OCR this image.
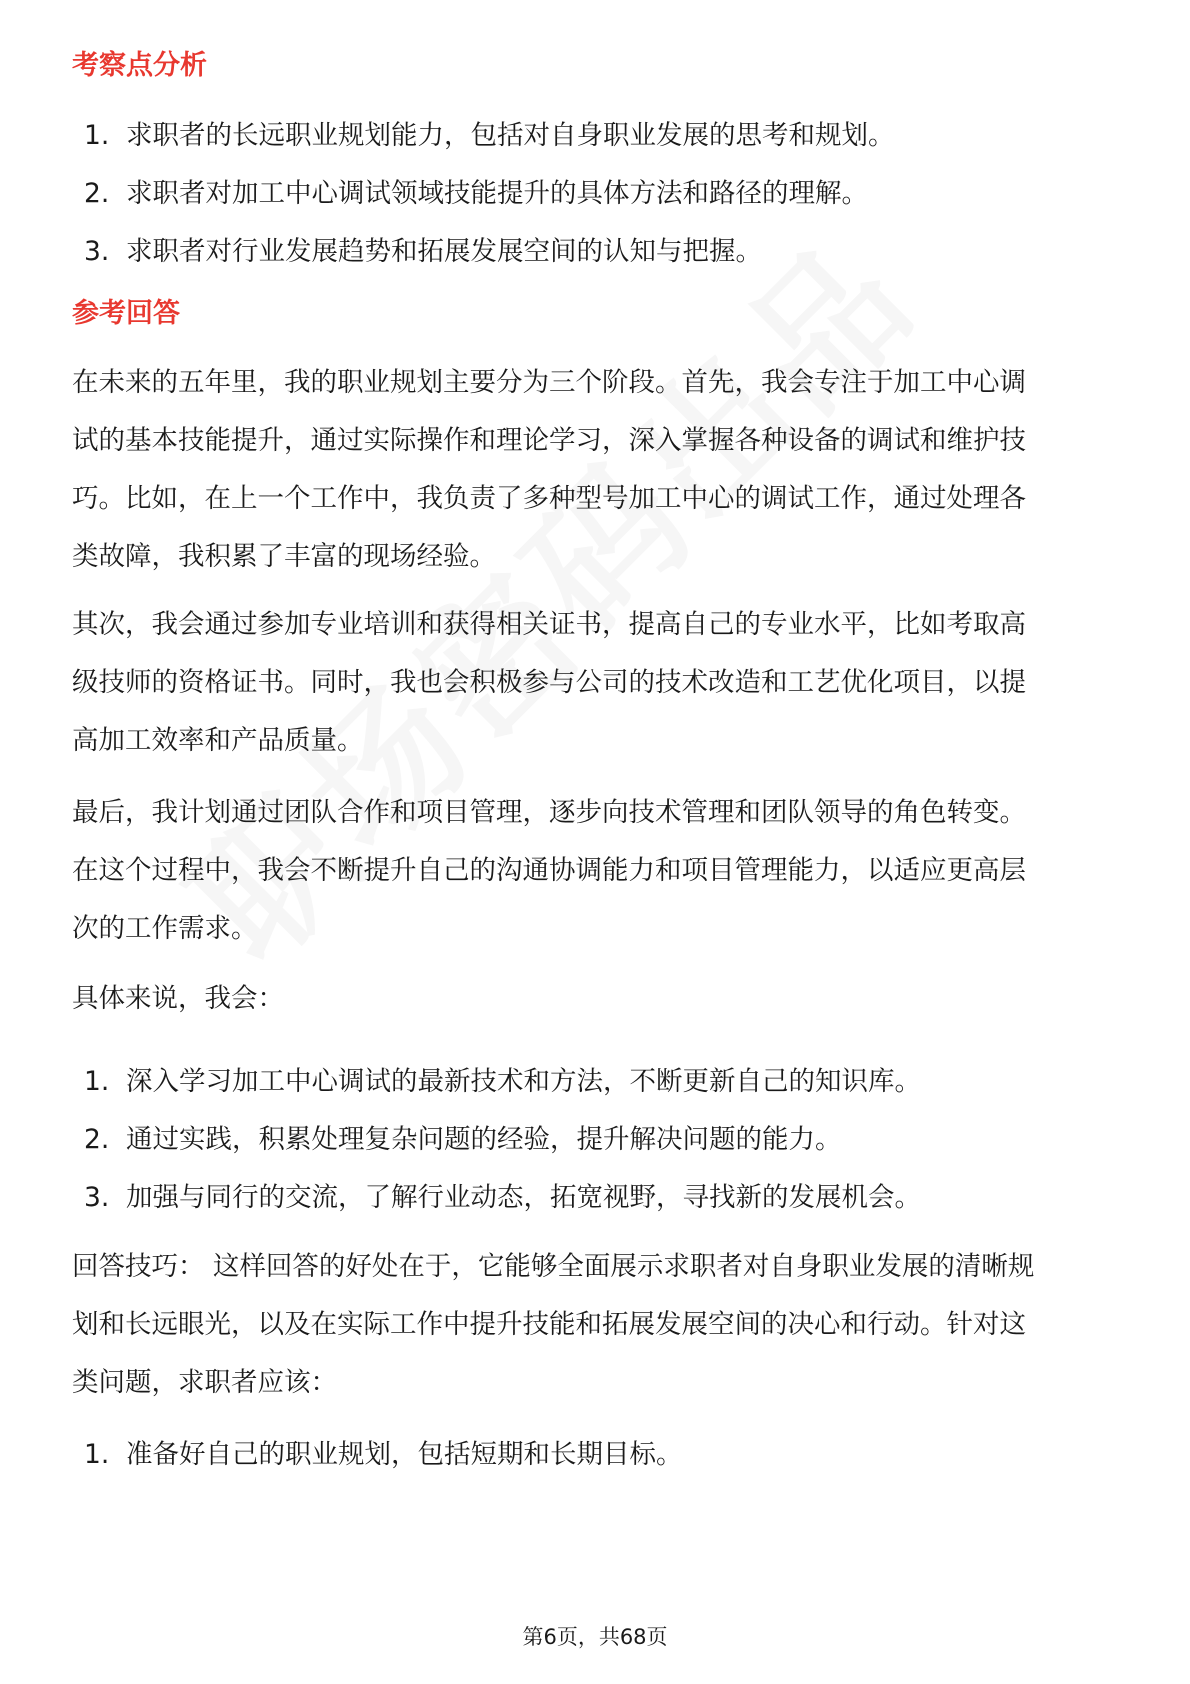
考察点分析
1. 求职者的长远职业规划能力，包括对自身职业发展的思考和规划。
2. 求职者对加工中心调试领域技能提升的具体方法和路径的理解。
3. 求职者对行业发展趋势和拓展发展空间的认知与把握。
参考回答
在未来的五年里，我的职业规划主要分为三个阶段。首先，我会专注于加工中心调
试的基本技能提升，通过实际操作和理论学习，深入掌握各种设备的调试和维护技
巧。比如，在上一个工作中，我负责了多种型号加工中心的调试工作，通过处理各
类故障，我积累了丰富的现场经验。
其次，我会通过参加专业培训和获得相关证书，提高自己的专业水平，比如考取高
级技师的资格证书。同时，我也会积极参与公司的技术改造和工艺优化项目，以提
高加工效率和产品质量。
最后，我计划通过团队合作和项目管理，逐步向技术管理和团队领导的角色转变。
在这个过程中，我会不断提升自己的沟通协调能力和项目管理能力，以适应更高层
次的工作需求。
具体来说，我会：
1. 深入学习加工中心调试的最新技术和方法，不断更新自己的知识库。
2. 通过实践，积累处理复杂问题的经验，提升解决问题的能力。
3. 加强与同行的交流，了解行业动态，拓宽视野，寻找新的发展机会。
回答技巧： 这样回答的好处在于，它能够全面展示求职者对自身职业发展的清晰规
划和长远眼光，以及在实际工作中提升技能和拓展发展空间的决心和行动。针对这
类问题，求职者应该：
1. 准备好自己的职业规划，包括短期和长期目标。
第6页，共68页
